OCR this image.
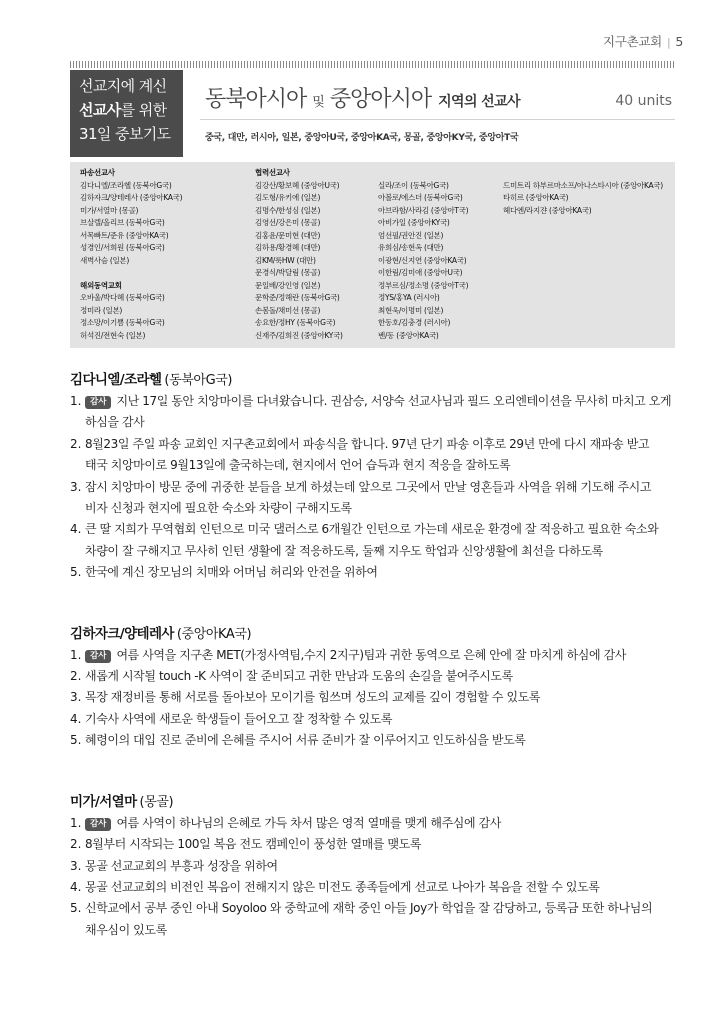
지구촌교회 | 5
선교지에 계신
선교사를 위한
31일 중보기도
동북아시아 및 중앙아시아 지역의 선교사	40 units
중국, 대만, 러시아, 일본, 중앙아U국, 중앙아KA국, 몽골, 중앙아KY국, 중앙아T국
파송선교사
김다니엘/조라헬 (동북아G국)
김하자크/양테레사 (중앙아KA국)
미가/서열마 (몽골)
브살렐/올리브 (동북아G국)
서목빠트/준유 (중앙아KA국)
성경인/서희원 (동북아G국)
새벽사슴 (일본)
해외동역교회
오바울/박다혜 (동북아G국)
정미라 (일본)
정소망/이기쁨 (동북아G국)
허석진/전현숙 (일본)
협력선교사
김강산/황보혜 (중앙아U국)
김도형/유키에 (일본)
김명수/한성심 (일본)
김영선/강은미 (몽골)
김홍윤/문미현 (대만)
김하용/황경혜 (대만)
김KM/룩HW (대만)
문경식/박달림 (몽골)
문일배/강인영 (일본)
문학준/정해란 (동북아G국)
손봄돌/채미선 (몽골)
송요한/정HY (동북아G국)
신재주/김희진 (중앙아KY국)
실라/조이 (동북아G국)
아볼로/에스더 (동북아G국)
아브라함/사라김 (중앙아T국)
아비가일 (중앙아KY국)
엄선필/권안진 (일본)
유희심/송현옥 (대만)
이광현/신지연 (중앙아KA국)
이한림/김미애 (중앙아U국)
정부르심/정소명 (중앙아T국)
정YS/홍YA (러시아)
최현욱/이명미 (일본)
한동호/김충경 (러시아)
벤/동 (중앙아KA국)
드미트리 하부르마소프/아나스타시아 (중앙아KA국)
타히르 (중앙아KA국)
헤다엔/라지쟌 (중앙아KA국)
김다니엘/조라헬 (동북아G국)
1. 감사 지난 17일 동안 치앙마이를 다녀왔습니다. 권삼승, 서양숙 선교사님과 필드 오리엔테이션을 무사히 마치고 오게
하심을 감사
2. 8월23일 주일 파송 교회인 지구촌교회에서 파송식을 합니다. 97년 단기 파송 이후로 29년 만에 다시 재파송 받고
태국 치앙마이로 9월13일에 출국하는데, 현지에서 언어 습득과 현지 적응을 잘하도록
3. 잠시 치앙마이 방문 중에 귀중한 분들을 보게 하셨는데 앞으로 그곳에서 만날 영혼들과 사역을 위해 기도해 주시고
비자 신청과 현지에 필요한 숙소와 차량이 구해지도록
4. 큰 딸 지희가 무역협회 인턴으로 미국 댈러스로 6개월간 인턴으로 가는데 새로운 환경에 잘 적응하고 필요한 숙소와
차량이 잘 구해지고 무사히 인턴 생활에 잘 적응하도록, 둘째 지우도 학업과 신앙생활에 최선을 다하도록
5. 한국에 계신 장모님의 치매와 어머님 허리와 안전을 위하여
김하자크/양테레사 (중앙아KA국)
1. 감사 여름 사역을 지구촌 MET(가정사역팀,수지 2지구)팀과 귀한 동역으로 은혜 안에 잘 마치게 하심에 감사
2. 새롭게 시작될 touch -K 사역이 잘 준비되고 귀한 만남과 도움의 손길을 붙여주시도록
3. 목장 재정비를 통해 서로를 돌아보아 모이기를 힘쓰며 성도의 교제를 깊이 경험할 수 있도록
4. 기숙사 사역에 새로운 학생들이 들어오고 잘 정착할 수 있도록
5. 혜령이의 대입 진로 준비에 은혜를 주시어 서류 준비가 잘 이루어지고 인도하심을 받도록
미가/서열마 (몽골)
1. 감사 여름 사역이 하나님의 은혜로 가득 차서 많은 영적 열매를 맺게 해주심에 감사
2. 8월부터 시작되는 100일 복음 전도 캠페인이 풍성한 열매를 맺도록
3. 몽골 선교교회의 부흥과 성장을 위하여
4. 몽골 선교교회의 비전인 복음이 전해지지 않은 미전도 종족들에게 선교로 나아가 복음을 전할 수 있도록
5. 신학교에서 공부 중인 아내 Soyoloo 와 중학교에 재학 중인 아들 Joy가 학업을 잘 감당하고, 등록금 또한 하나님의
채우심이 있도록
